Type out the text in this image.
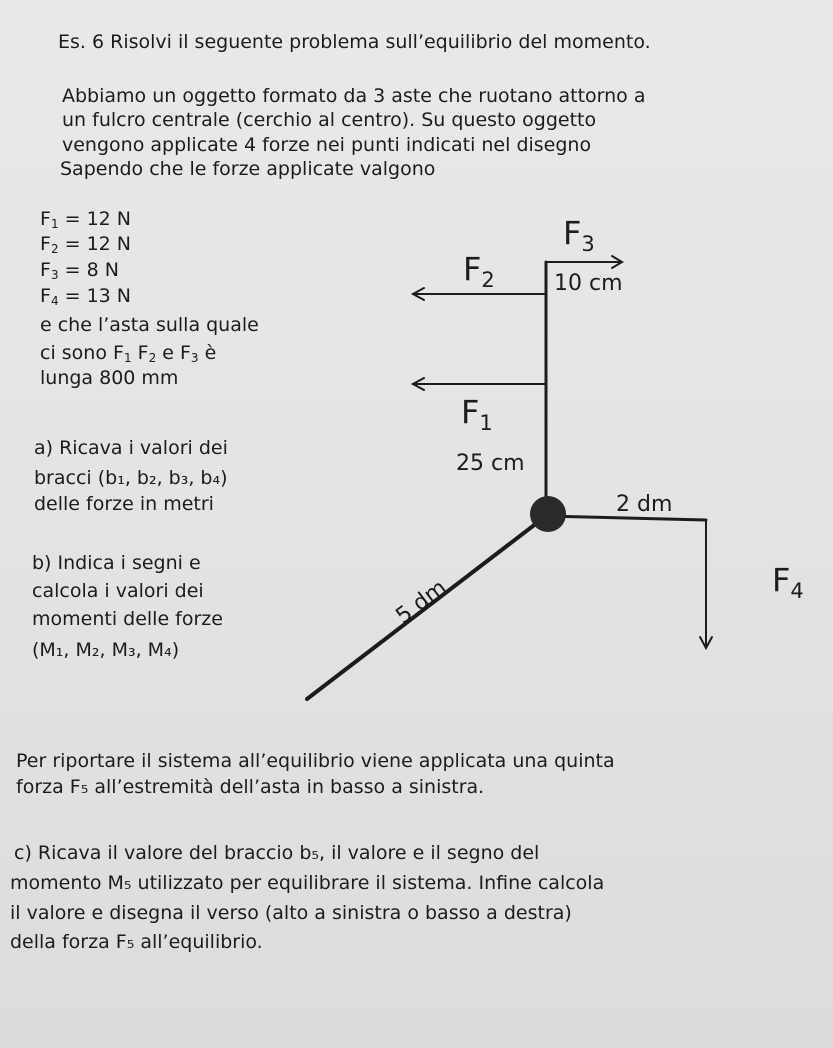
Es. 6 Risolvi il seguente problema sull’equilibrio del momento.
Abbiamo un oggetto formato da 3 aste che ruotano attorno a
un fulcro centrale (cerchio al centro). Su questo oggetto
vengono applicate 4 forze nei punti indicati nel disegno
Sapendo che le forze applicate valgono
$F_1 = 12$ N
$F_2 = 12$ N
$F_3 = 8$ N
$F_4 = 13$ N
e che l’asta sulla quale
ci sono $F_1$ $F_2$ e $F_3$ è
lunga 800 mm
a) Ricava i valori dei
bracci (b₁, b₂, b₃, b₄)
delle forze in metri
b) Indica i segni e
calcola i valori dei
momenti delle forze
(M₁, M₂, M₃, M₄)
$F_3$
$F_2$
$F_1$
$F_4$
10 cm
25 cm
2 dm
5 dm
Per riportare il sistema all’equilibrio viene applicata una quinta
forza F₅ all’estremità dell’asta in basso a sinistra.
c) Ricava il valore del braccio b₅, il valore e il segno del
momento M₅ utilizzato per equilibrare il sistema. Infine calcola
il valore e disegna il verso (alto a sinistra o basso a destra)
della forza F₅ all’equilibrio.
